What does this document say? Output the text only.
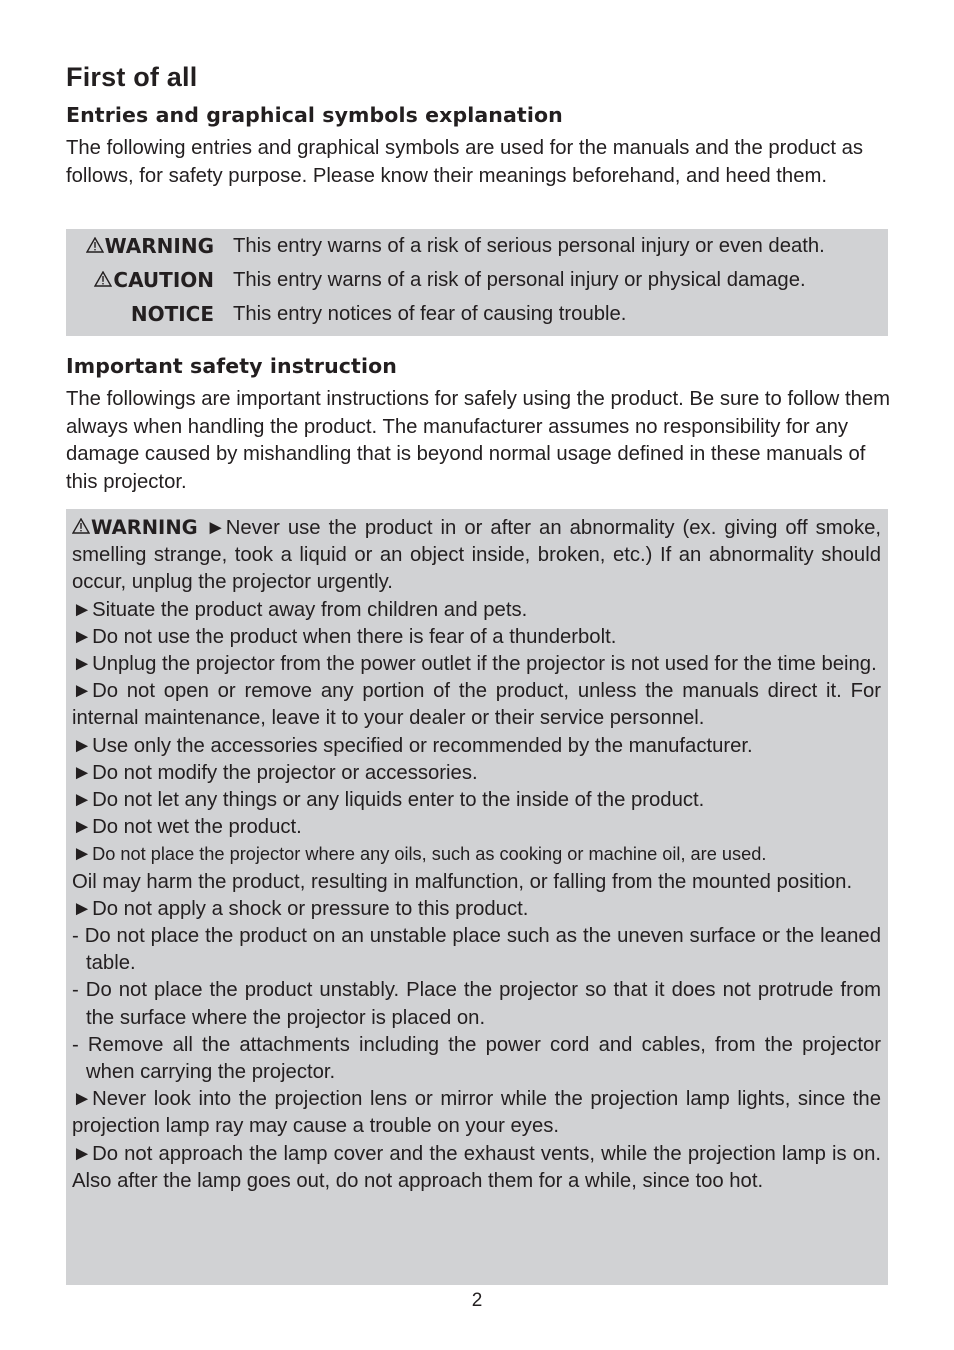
First of all
Entries and graphical symbols explanation

The following entries and graphical symbols are used for the manuals and the product as follows, for safety purpose. Please know their meanings beforehand, and heed them.

WARNING This entry warns of a risk of serious personal injury or even death.
CAUTION This entry warns of a risk of personal injury or physical damage.
NOTICE This entry notices of fear of causing trouble.
Important safety instruction

The followings are important instructions for safely using the product. Be sure to follow them always when handling the product. The manufacturer assumes no responsibility for any damage caused by mishandling that is beyond normal usage defined in these manuals of this projector.

WARNING ►Never use the product in or after an abnormality (ex. giving off smoke, smelling strange, took a liquid or an object inside, broken, etc.) If an abnormality should occur, unplug the projector urgently.

►Situate the product away from children and pets.

►Do not use the product when there is fear of a thunderbolt.

►Unplug the projector from the power outlet if the projector is not used for the time being.

►Do not open or remove any portion of the product, unless the manuals direct it. For internal maintenance, leave it to your dealer or their service personnel.

►Use only the accessories specified or recommended by the manufacturer.

►Do not modify the projector or accessories.

►Do not let any things or any liquids enter to the inside of the product.

►Do not wet the product.

►Do not place the projector where any oils, such as cooking or machine oil, are used.

Oil may harm the product, resulting in malfunction, or falling from the mounted position.

►Do not apply a shock or pressure to this product.

- Do not place the product on an unstable place such as the uneven surface or the leaned table.

- Do not place the product unstably. Place the projector so that it does not protrude from the surface where the projector is placed on.

- Remove all the attachments including the power cord and cables, from the projector when carrying the projector.

►Never look into the projection lens or mirror while the projection lamp lights, since the projection lamp ray may cause a trouble on your eyes.

►Do not approach the lamp cover and the exhaust vents, while the projection lamp is on. Also after the lamp goes out, do not approach them for a while, since too hot.

2
